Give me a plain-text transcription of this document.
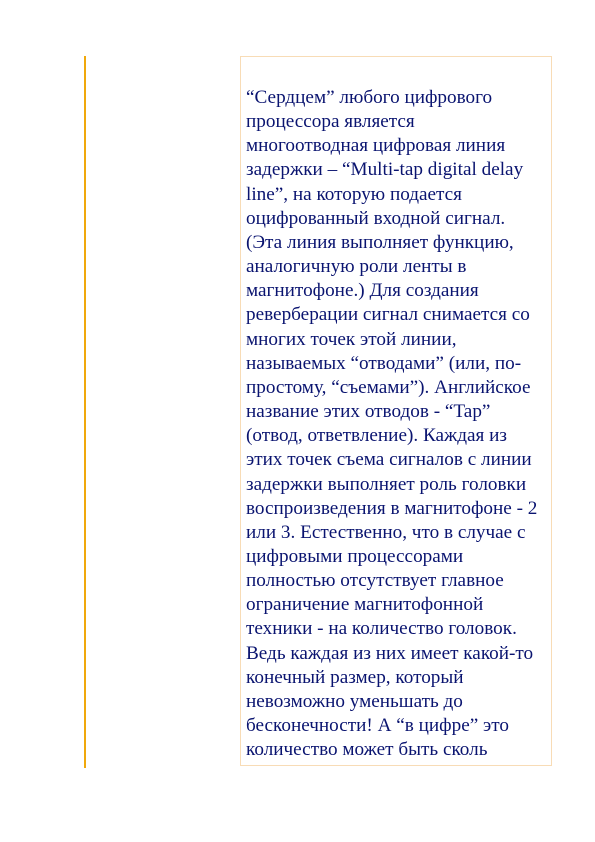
“Сердцем” любого цифрового
процессора является
многоотводная цифровая линия
задержки – “Multi-tap digital delay
line”, на которую подается
оцифрованный входной сигнал.
(Эта линия выполняет функцию,
аналогичную роли ленты в
магнитофоне.) Для создания
реверберации сигнал снимается со
многих точек этой линии,
называемых “отводами” (или, по-
простому, “съемами”). Английское
название этих отводов - “Tap”
(отвод, ответвление). Каждая из
этих точек съема сигналов с линии
задержки выполняет роль головки
воспроизведения в магнитофоне - 2
или 3. Естественно, что в случае с
цифровыми процессорами
полностью отсутствует главное
ограничение магнитофонной
техники - на количество головок.
Ведь каждая из них имеет какой-то
конечный размер, который
невозможно уменьшать до
бесконечности! А “в цифре” это
количество может быть сколь
